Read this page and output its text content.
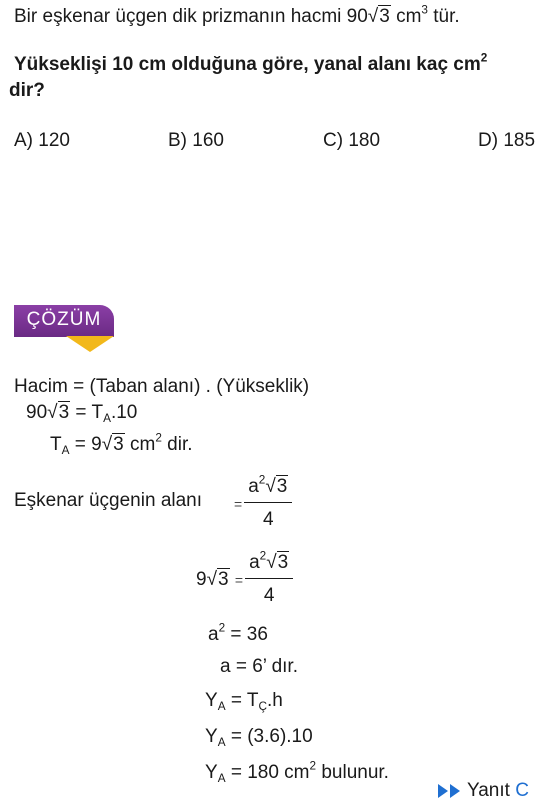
Bir eşkenar üçgen dik prizmanın hacmi 90√3 $cm^3$ tür.
Yükseklişi 10 cm olduğuna göre, yanal alanı kaç $cm^2$
dir?
A) 120	B) 160	C) 180	D) 185
ÇÖZÜM
Hacim = (Taban alanı) . (Yükseklik)
$90√3 = T_A.10$
$T_A = 9√3$ $cm^2$ dir.
Eşkenar üçgenin alanı = $\frac{a^2√3}{4}$
$9√3 = \frac{a^2√3}{4}$
$a^2 = 36$
a = 6’ dır.
$Y_A = T_Ç.h$
$Y_A = (3.6).10$
$Y_A = 180$ $cm^2$ bulunur.
Yanıt C
